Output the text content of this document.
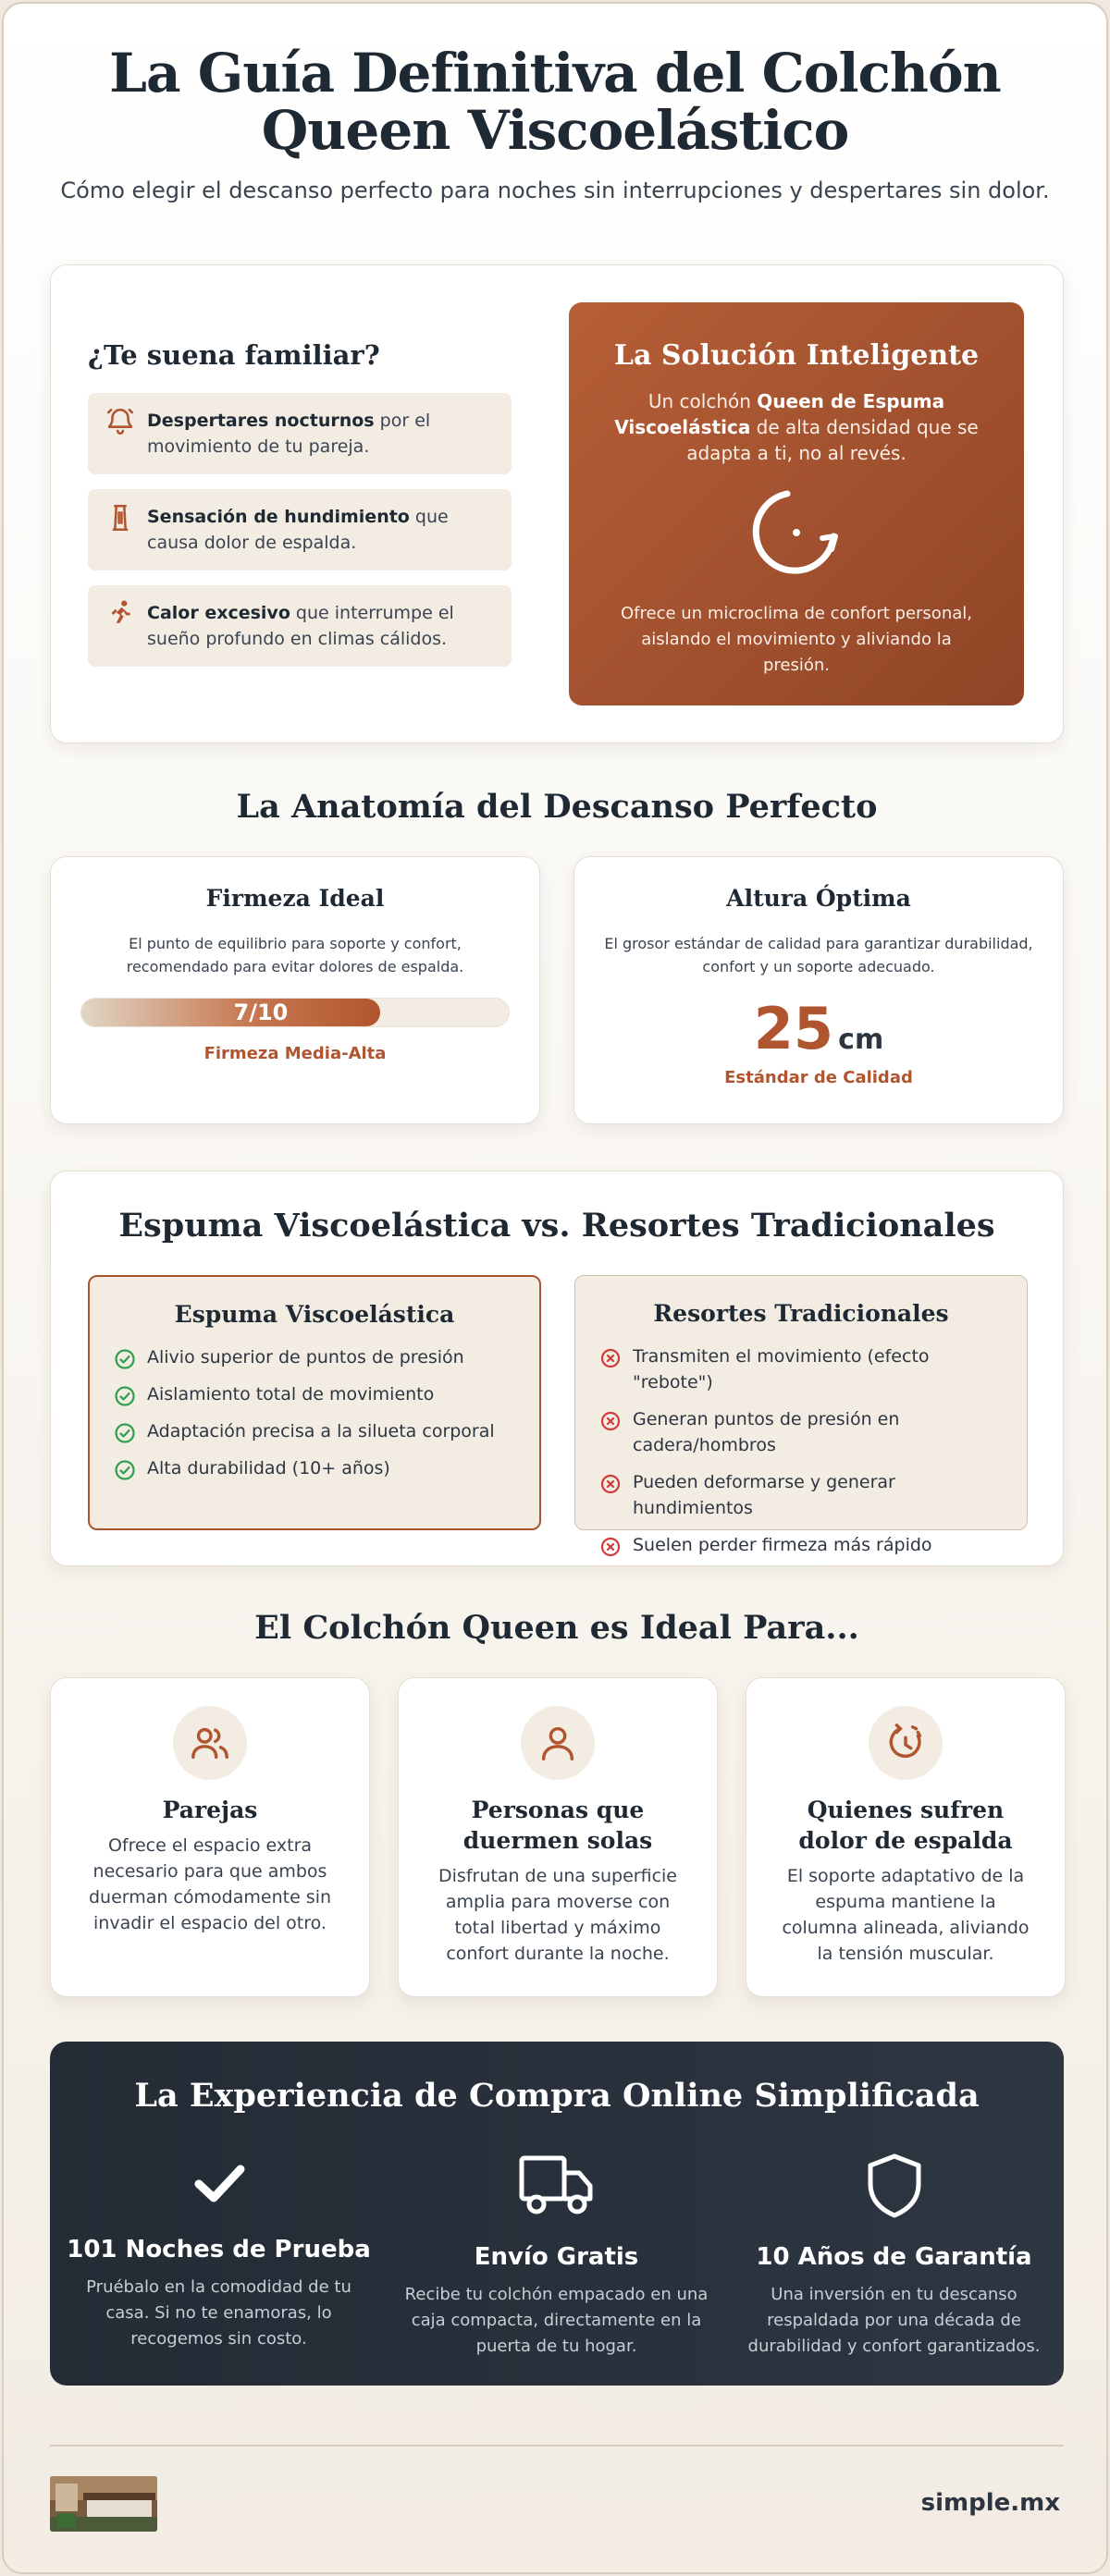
La Guía Definitiva del Colchón
Queen Viscoelástico

Cómo elegir el descanso perfecto para noches sin interrupciones y despertares sin dolor.

¿Te suena familiar?
Despertares nocturnos por el movimiento de tu pareja.
Sensación de hundimiento que causa dolor de espalda.
Calor excesivo que interrumpe el sueño profundo en climas cálidos.
La Solución Inteligente

Un colchón Queen de Espuma Viscoelástica de alta densidad que se adapta a ti, no al revés.

Ofrece un microclima de confort personal, aislando el movimiento y aliviando la presión.

La Anatomía del Descanso Perfecto
Firmeza Ideal

El punto de equilibrio para soporte y confort, recomendado para evitar dolores de espalda.

7/10
Firmeza Media-Alta
Altura Óptima

El grosor estándar de calidad para garantizar durabilidad, confort y un soporte adecuado.

25 cm
Estándar de Calidad
Espuma Viscoelástica vs. Resortes Tradicionales
Espuma Viscoelástica
Alivio superior de puntos de presión
Aislamiento total de movimiento
Adaptación precisa a la silueta corporal
Alta durabilidad (10+ años)
Resortes Tradicionales
Transmiten el movimiento (efecto "rebote")
Generan puntos de presión en cadera/hombros
Pueden deformarse y generar hundimientos
Suelen perder firmeza más rápido
El Colchón Queen es Ideal Para...
Parejas

Ofrece el espacio extra necesario para que ambos duerman cómodamente sin invadir el espacio del otro.

Personas que duermen solas

Disfrutan de una superficie amplia para moverse con total libertad y máximo confort durante la noche.

Quienes sufren dolor de espalda

El soporte adaptativo de la espuma mantiene la columna alineada, aliviando la tensión muscular.

La Experiencia de Compra Online Simplificada
101 Noches de Prueba

Pruébalo en la comodidad de tu casa. Si no te enamoras, lo recogemos sin costo.

Envío Gratis

Recibe tu colchón empacado en una caja compacta, directamente en la puerta de tu hogar.

10 Años de Garantía

Una inversión en tu descanso respaldada por una década de durabilidad y confort garantizados.

simple.mx
